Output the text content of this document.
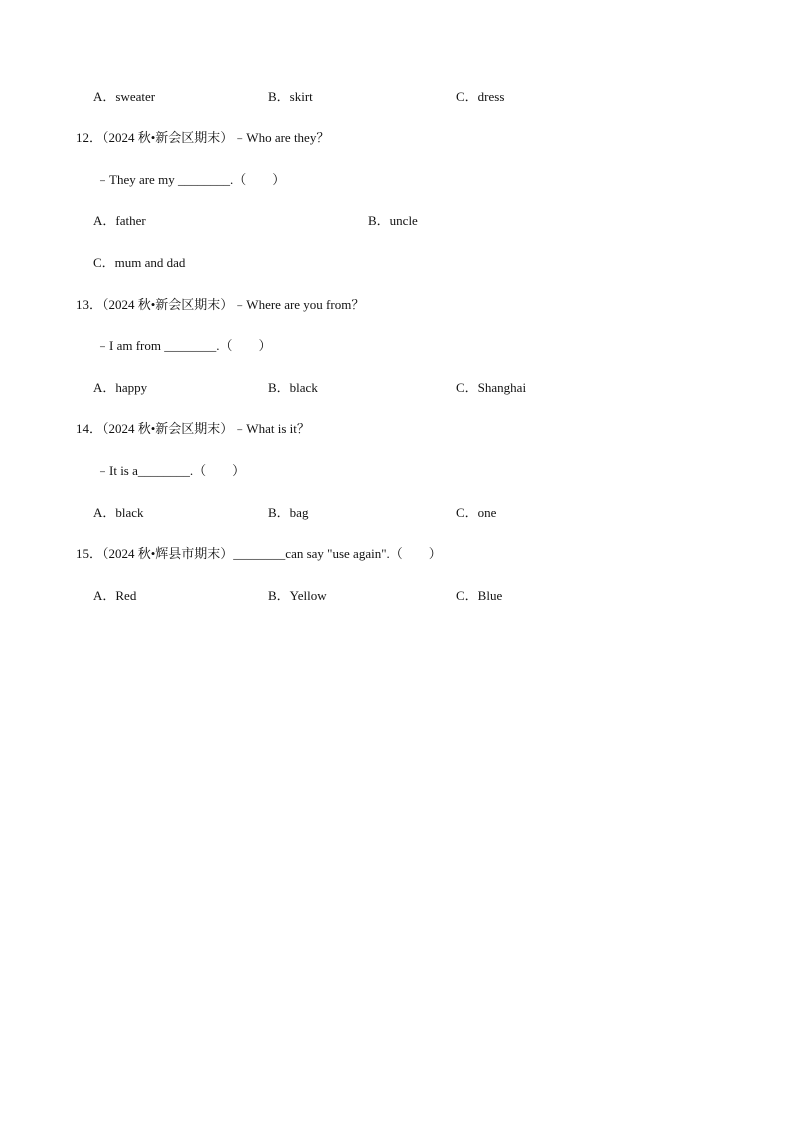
A．sweater	B．skirt	C．dress
12．（2024 秋•新会区期末）﹣Who are they？
﹣They are my ________.（　　）
A．father	B．uncle
C．mum and dad
13．（2024 秋•新会区期末）﹣Where are you from？
﹣I am from ________.（　　）
A．happy	B．black	C．Shanghai
14．（2024 秋•新会区期末）﹣What is it？
﹣It is a________.（　　）
A．black	B．bag	C．one
15．（2024 秋•辉县市期末）________can say "use again".（　　）
A．Red	B．Yellow	C．Blue
